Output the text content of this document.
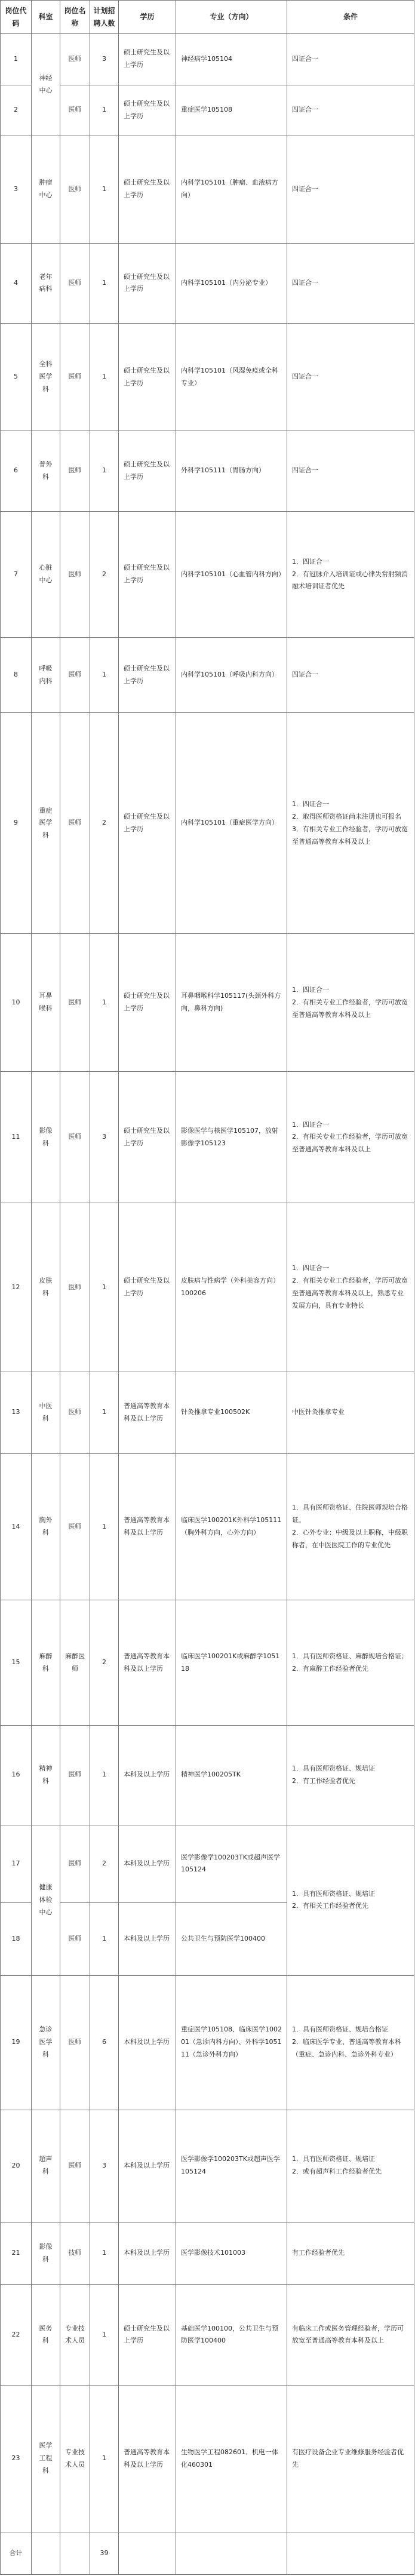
岗位代码	科室	岗位名称	计划招聘人数	学历	专业（方向）	条件
1	神经中心	医师	3	硕士研究生及以上学历	神经病学105104	四证合一
2		医师	1	硕士研究生及以上学历	重症医学105108	四证合一
3	肿瘤中心	医师	1	硕士研究生及以上学历	内科学105101（肿瘤、血液病方向）	四证合一
4	老年病科	医师	1	硕士研究生及以上学历	内科学105101（内分泌专业）	四证合一
5	全科医学科	医师	1	硕士研究生及以上学历	内科学105101（风湿免疫或全科专业）	四证合一
6	普外科	医师	1	硕士研究生及以上学历	外科学105111（胃肠方向）	四证合一
7	心脏中心	医师	2	硕士研究生及以上学历	内科学105101（心血管内科方向）	1．四证合一
2．有冠脉介入培训证或心律失常射频消融术培训证者优先
8	呼吸内科	医师	1	硕士研究生及以上学历	内科学105101（呼吸内科方向）	四证合一
9	重症医学科	医师	2	硕士研究生及以上学历	内科学105101（重症医学方向）	1．四证合一
2．取得医师资格证尚未注册也可报名
3．有相关专业工作经验者，学历可放宽至普通高等教育本科及以上
10	耳鼻喉科	医师	1	硕士研究生及以上学历	耳鼻咽喉科学105117(头颈外科方向，鼻科方向)	1．四证合一
2．有相关专业工作经验者，学历可放宽至普通高等教育本科及以上
11	影像科	医师	3	硕士研究生及以上学历	影像医学与核医学105107，放射影像学105123	1．四证合一
2．有相关专业工作经验者，学历可放宽至普通高等教育本科及以上
12	皮肤科	医师	1	硕士研究生及以上学历	皮肤病与性病学（外科美容方向）100206	1．四证合一
2．有相关专业工作经验者，学历可放宽至普通高等教育本科及以上，熟悉专业发展方向，具有专业特长
13	中医科	医师	1	普通高等教育本科及以上学历	针灸推拿专业100502K	中医针灸推拿专业
14	胸外科	医师	1	普通高等教育本科及以上学历	临床医学100201K外科学105111（胸外科方向，心外方向）	1．具有医师资格证、住院医师规培合格证。
2．心外专业：中级及以上职称，中级职称者，在中医医院工作的专业优先
15	麻醉科	麻醉医师	2	普通高等教育本科及以上学历	临床医学100201K或麻醉学105118	1．具有医师资格证、麻醉规培合格证；
2．有麻醉工作经验者优先
16	精神科	医师	1	本科及以上学历	精神医学100205TK	1．具有医师资格证、规培证
2．有工作经验者优先
17	健康体检中心	医师	2	本科及以上学历	医学影像学100203TK或超声医学105124	1．具有医师资格证、规培证
2．有相关工作经验者优先
18		医师	1	本科及以上学历	公共卫生与预防医学100400	
19	急诊医学科	医师	6	本科及以上学历	重症医学105108、临床医学100201（急诊内科方向）、外科学105111（急诊外科方向）	1．具有医师资格证、规培合格证
2．临床医学专业、普通高等教育本科（重症、急诊内科、急诊外科专业）
20	超声科	医师	3	本科及以上学历	医学影像学100203TK或超声医学105124	1．具有医师资格证、规培证
2．或有超声科工作经验者优先
21	影像科	技师	1	本科及以上学历	医学影像技术101003	有工作经验者优先
22	医务科	专业技术人员	1	硕士研究生及以上学历	基础医学100100，公共卫生与预防医学100400	有临床工作或医务管理经验者，学历可放宽至普通高等教育本科及以上
23	医学工程科	专业技术人员	1	普通高等教育本科及以上学历	生物医学工程082601、机电一体化460301	有医疗设备企业专业维修服务经验者优先
合计			39			
